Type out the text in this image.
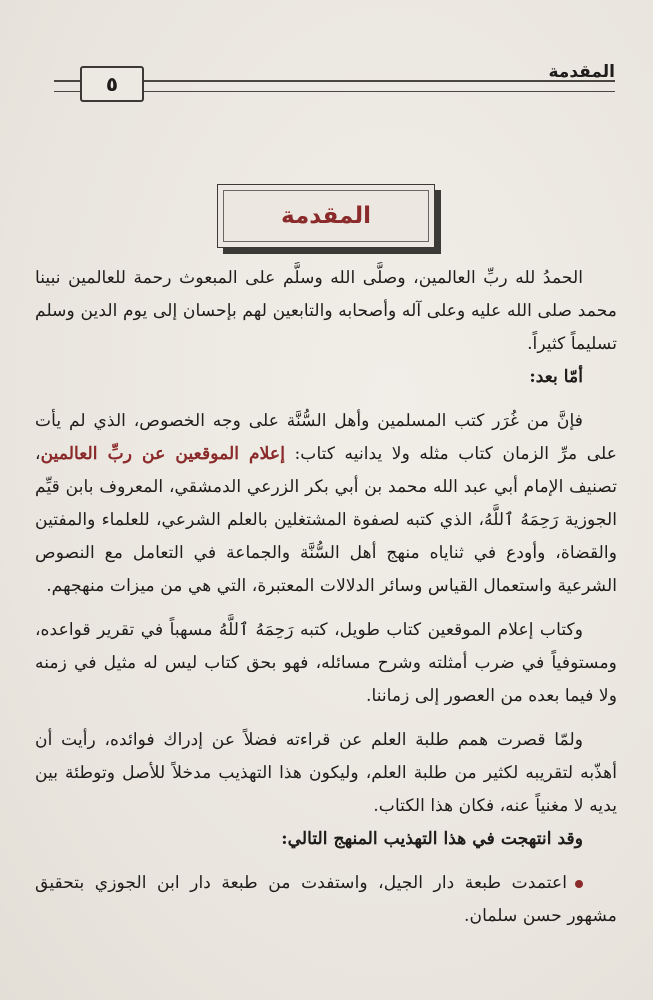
المقدمة
٥
المقدمة

الحمدُ لله ربِّ العالمين، وصلَّى الله وسلَّم على المبعوث رحمة للعالمين نبينا محمد صلى الله عليه وعلى آله وأصحابه والتابعين لهم بإحسان إلى يوم الدين وسلم تسليماً كثيراً.

أمّا بعد:

فإنَّ من غُرَر كتب المسلمين وأهل السُّنَّة على وجه الخصوص، الذي لم يأت على مرِّ الزمان كتاب مثله ولا يدانيه كتاب: إعلام الموقعين عن ربِّ العالمين، تصنيف الإمام أبي عبد الله محمد بن أبي بكر الزرعي الدمشقي، المعروف بابن قيِّم الجوزية رَحِمَهُ ٱللَّهُ، الذي كتبه لصفوة المشتغلين بالعلم الشرعي، للعلماء والمفتين والقضاة، وأودع في ثناياه منهج أهل السُّنَّة والجماعة في التعامل مع النصوص الشرعية واستعمال القياس وسائر الدلالات المعتبرة، التي هي من ميزات منهجهم.

وكتاب إعلام الموقعين كتاب طويل، كتبه رَحِمَهُ ٱللَّهُ مسهباً في تقرير قواعده، ومستوفياً في ضرب أمثلته وشرح مسائله، فهو بحق كتاب ليس له مثيل في زمنه ولا فيما بعده من العصور إلى زماننا.

ولمّا قصرت همم طلبة العلم عن قراءته فضلاً عن إدراك فوائده، رأيت أن أهذّبه لتقريبه لكثير من طلبة العلم، وليكون هذا التهذيب مدخلاً للأصل وتوطئة بين يديه لا مغنياً عنه، فكان هذا الكتاب.

وقد انتهجت في هذا التهذيب المنهج التالي:

اعتمدت طبعة دار الجيل، واستفدت من طبعة دار ابن الجوزي بتحقيق مشهور حسن سلمان.
